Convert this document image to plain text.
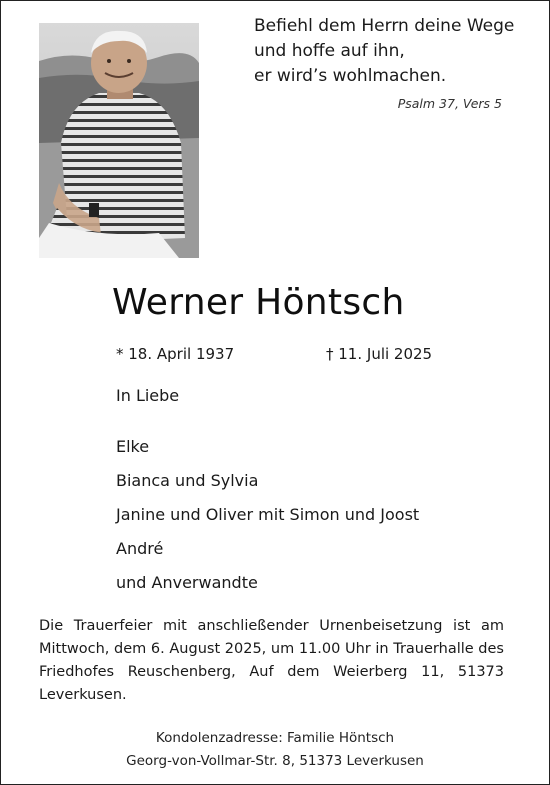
Befiehl dem Herrn deine Wege
und hoffe auf ihn,
er wird’s wohlmachen.
Psalm 37, Vers 5
Werner Höntsch
* 18. April 1937	† 11. Juli 2025
In Liebe
Elke
Bianca und Sylvia
Janine und Oliver mit Simon und Joost
André
und Anverwandte
Die Trauerfeier mit anschließender Urnenbeisetzung ist am Mittwoch, dem 6. August 2025, um 11.00 Uhr in Trauerhalle des Friedhofes Reuschenberg, Auf dem Weierberg 11, 51373 Leverkusen.
Kondolenzadresse: Familie Höntsch
Georg-von-Vollmar-Str. 8, 51373 Leverkusen
